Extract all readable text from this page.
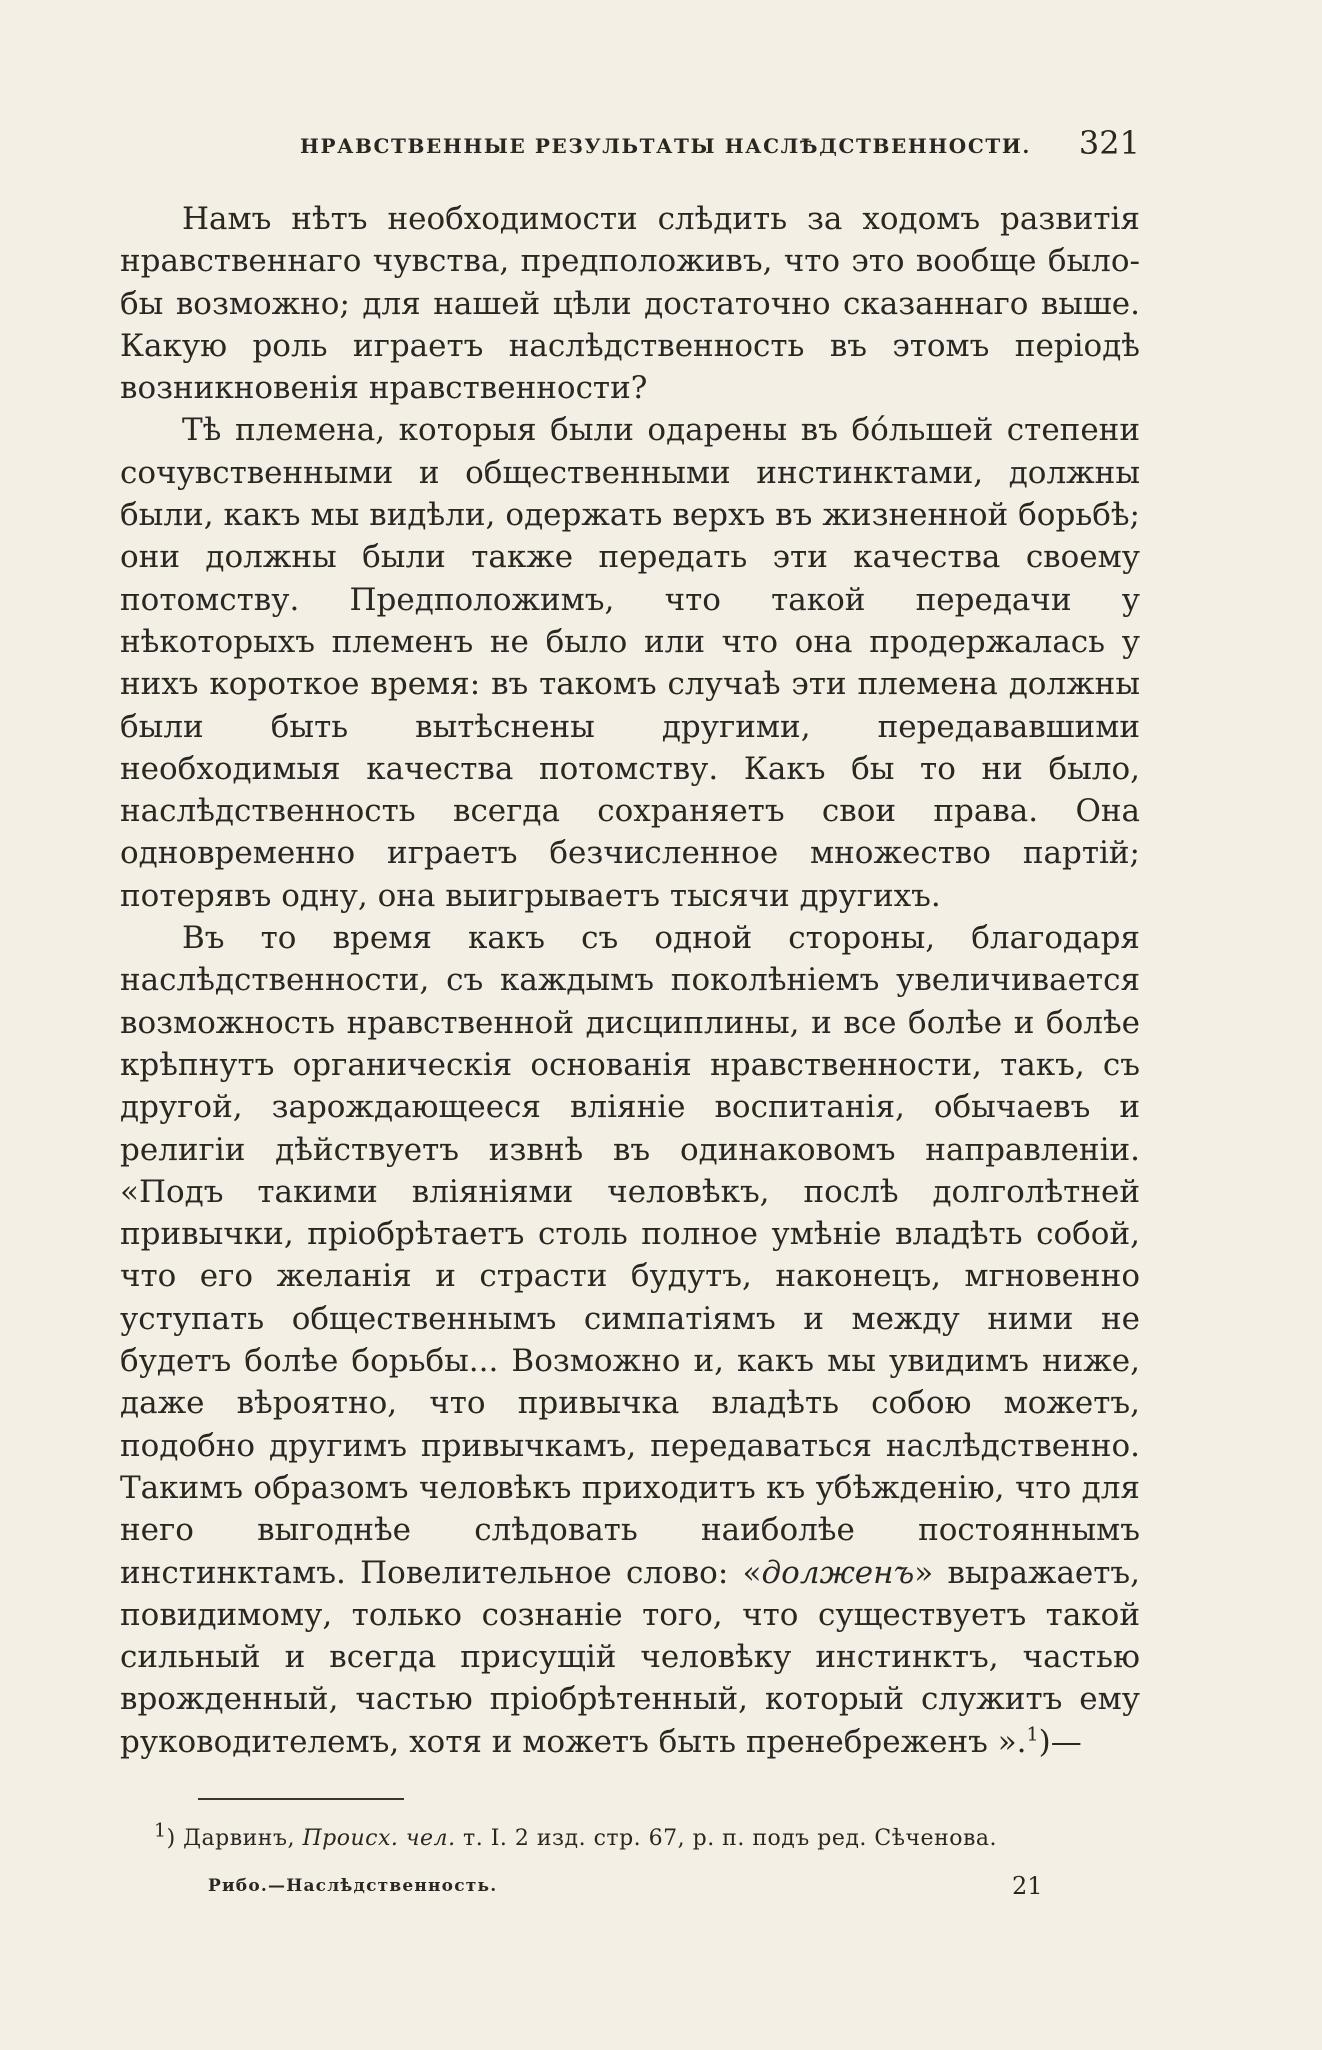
НРАВСТВЕННЫЕ РЕЗУЛЬТАТЫ НАСЛѢДСТВЕННОСТИ. 321

Намъ нѣтъ необходимости слѣдить за ходомъ развитія нравственнаго чувства, предположивъ, что это вообще было-бы возможно; для нашей цѣли достаточно сказаннаго выше. Какую роль играетъ наслѣдственность въ этомъ періодѣ возникновенія нравственности?

Тѣ племена, которыя были одарены въ бо́льшей степени сочувственными и общественными инстинктами, должны были, какъ мы видѣли, одержать верхъ въ жизненной борьбѣ; они должны были также передать эти качества своему потомству. Предположимъ, что такой передачи у нѣкоторыхъ племенъ не было или что она продержалась у нихъ короткое время: въ такомъ случаѣ эти племена должны были быть вытѣснены другими, передававшими необходимыя качества потомству. Какъ бы то ни было, наслѣдственность всегда сохраняетъ свои права. Она одновременно играетъ безчисленное множество партій; потерявъ одну, она выигрываетъ тысячи другихъ.

Въ то время какъ съ одной стороны, благодаря наслѣдственности, съ каждымъ поколѣніемъ увеличивается возможность нравственной дисциплины, и все болѣе и болѣе крѣпнутъ органическія основанія нравственности, такъ, съ другой, зарождающееся вліяніе воспитанія, обычаевъ и религіи дѣйствуетъ извнѣ въ одинаковомъ направленіи. «Подъ такими вліяніями человѣкъ, послѣ долголѣтней привычки, пріобрѣтаетъ столь полное умѣніе владѣть собой, что его желанія и страсти будутъ, наконецъ, мгновенно уступать общественнымъ симпатіямъ и между ними не будетъ болѣе борьбы... Возможно и, какъ мы увидимъ ниже, даже вѣроятно, что привычка владѣть собою можетъ, подобно другимъ привычкамъ, передаваться наслѣдственно. Такимъ образомъ человѣкъ приходитъ къ убѣжденію, что для него выгоднѣе слѣдовать наиболѣе постояннымъ инстинктамъ. Повелительное слово: «долженъ» выражаетъ, повидимому, только сознаніе того, что существуетъ такой сильный и всегда присущій человѣку инстинктъ, частью врожденный, частью пріобрѣтенный, который служитъ ему руководителемъ, хотя и можетъ быть пренебреженъ ».$^1$)—

$^1$) Дарвинъ, Происх. чел. т. I. 2 изд. стр. 67, р. п. подъ ред. Сѣченова.
Рибо.—Наслѣдственность.	21
